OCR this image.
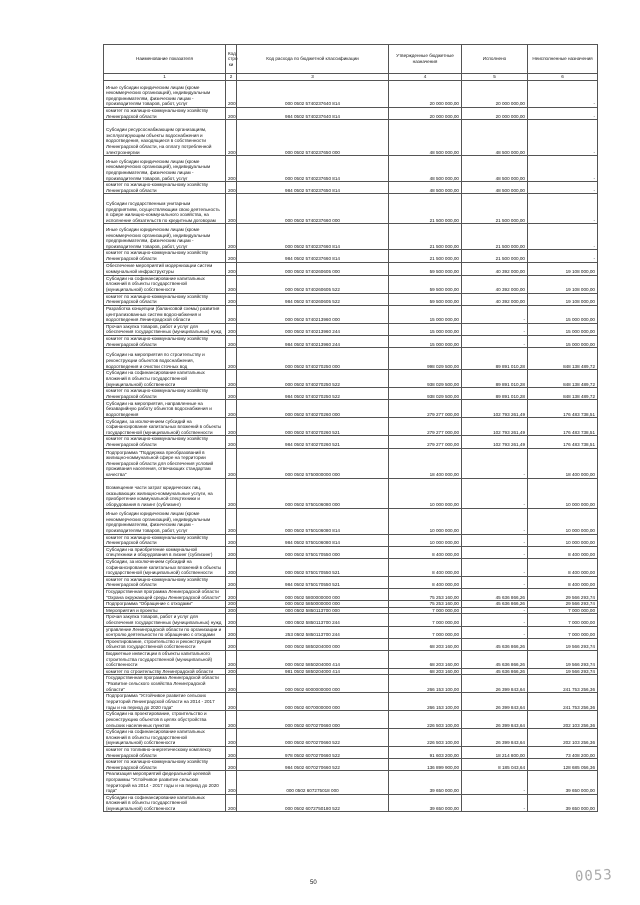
Наименование показателя	Код стро ки	Код расхода по бюджетной классификации	Утвержденные бюджетные назначения	Исполнено	Неисполненные назначения
1	2	3	4	5	6
Иные субсидии юридическим лицам (кроме некоммерческих организаций), индивидуальным предпринимателям, физическим лицам - производителям товаров, работ, услуг	200	000 0502 5740237640 814	20 000 000,00	20 000 000,00	-
комитет по жилищно-коммунальному хозяйству Ленинградской области	200	984 0502 5740237640 814	20 000 000,00	20 000 000,00	-
Субсидии ресурсоснабжающим организациям, эксплуатирующим объекты водоснабжения и водоотведения, находящиеся в собственности Ленинградской области, на оплату потребленной электроэнергии	200	000 0502 5740237650 000	48 500 000,00	48 500 000,00	-
Иные субсидии юридическим лицам (кроме некоммерческих организаций), индивидуальным предпринимателям, физическим лицам - производителям товаров, работ, услуг	200	000 0502 5740237650 814	48 500 000,00	48 500 000,00	-
комитет по жилищно-коммунальному хозяйству Ленинградской области	200	984 0502 5740237650 814	48 500 000,00	48 500 000,00	-
Субсидии государственным унитарным предприятиям, осуществляющим свою деятельность в сфере жилищно-коммунального хозяйства, на исполнение обязательств по кредитным договорам	200	000 0502 5740237660 000	21 500 000,00	21 500 000,00	-
Иные субсидии юридическим лицам (кроме некоммерческих организаций), индивидуальным предпринимателям, физическим лицам - производителям товаров, работ, услуг	200	000 0502 5740237660 814	21 500 000,00	21 500 000,00	-
комитет по жилищно-коммунальному хозяйству Ленинградской области	200	984 0502 5740237660 814	21 500 000,00	21 500 000,00	-
Обеспечение мероприятий модернизации систем коммунальной инфраструктуры	200	000 0502 5740260605 000	59 500 000,00	40 392 000,00	19 108 000,00
Субсидии на софинансирование капитальных вложений в объекты государственной (муниципальной) собственности	200	000 0502 5740260605 522	59 500 000,00	40 392 000,00	19 108 000,00
комитет по жилищно-коммунальному хозяйству Ленинградской области	200	984 0502 5740260605 522	59 500 000,00	40 392 000,00	19 108 000,00
Разработка концепции (балансовой схемы) развития централизованных систем водоснабжения и водоотведения Ленинградской области	200	000 0502 5740213960 000	15 000 000,00	-	15 000 000,00
Прочая закупка товаров, работ и услуг для обеспечения государственных (муниципальных) нужд	200	000 0502 5740213960 244	15 000 000,00	-	15 000 000,00
комитет по жилищно-коммунальному хозяйству Ленинградской области	200	984 0502 5740213960 244	15 000 000,00	-	15 000 000,00
Субсидии на мероприятия по строительству и реконструкции объектов водоснабжения, водоотведения и очистки сточных вод	200	000 0502 5740270250 000	998 029 500,00	89 891 010,28	848 138 489,72
Субсидии на софинансирование капитальных вложений в объекты государственной (муниципальной) собственности	200	000 0502 5740270250 522	938 029 500,00	89 891 010,28	848 138 489,72
комитет по жилищно-коммунальному хозяйству Ленинградской области	200	984 0502 5740270250 522	938 029 500,00	89 891 010,28	848 138 489,72
Субсидии на мероприятия, направленные на безаварийную работу объектов водоснабжения и водоотведения	200	000 0502 5740270260 000	279 277 000,00	102 793 261,49	176 483 738,51
Субсидии, за исключением субсидий на софинансирование капитальных вложений в объекты государственной (муниципальной) собственности	200	000 0502 5740270260 521	279 277 000,00	102 793 261,49	176 483 738,51
комитет по жилищно-коммунальному хозяйству Ленинградской области	200	984 0502 5740270260 521	279 277 000,00	102 793 261,49	176 483 738,51
Подпрограмма "Поддержка преобразований в жилищно-коммунальной сфере на территории Ленинградской области для обеспечения условий проживания населения, отвечающих стандартам качества"	200	000 0502 5750000000 000	18 400 000,00	-	18 400 000,00
Возмещение части затрат юридических лиц, оказывающих жилищно-коммунальные услуги, на приобретение коммунальной спецтехники и оборудования в лизинг (сублизинг)	200	000 0502 5750106080 000	10 000 000,00	-	10 000 000,00
Иные субсидии юридическим лицам (кроме некоммерческих организаций), индивидуальным предпринимателям, физическим лицам - производителям товаров, работ, услуг	200	000 0502 5750106080 814	10 000 000,00	-	10 000 000,00
комитет по жилищно-коммунальному хозяйству Ленинградской области	200	984 0502 5750106080 814	10 000 000,00	-	10 000 000,00
Субсидии на приобретение коммунальной спецтехники и оборудования в лизинг (сублизинг)	200	000 0502 5750170550 000	8 400 000,00	-	8 400 000,00
Субсидии, за исключением субсидий на софинансирование капитальных вложений в объекты государственной (муниципальной) собственности	200	000 0502 5750170550 521	8 400 000,00	-	8 400 000,00
комитет по жилищно-коммунальному хозяйству Ленинградской области	200	984 0502 5750170550 521	8 400 000,00	-	8 400 000,00
Государственная программа Ленинградской области "Охрана окружающей среды Ленинградской области"	200	000 0502 5800000000 000	75 253 160,00	45 636 866,26	29 566 293,74
Подпрограмма "Обращение с отходами"	200	000 0502 5850000000 000	75 253 160,00	45 636 866,26	29 566 293,74
Мероприятия и проекты	200	000 0502 5850113700 000	7 000 000,00	-	7 000 000,00
Прочая закупка товаров, работ и услуг для обеспечения государственных (муниципальных) нужд	200	000 0502 5850113700 244	7 000 000,00	-	7 000 000,00
управление Ленинградской области по организации и контролю деятельности по обращению с отходами	200	253 0502 5850113700 244	7 000 000,00	-	7 000 000,00
Проектирование, строительство и реконструкция объектов государственной собственности	200	000 0502 5850204000 000	68 203 160,00	45 636 866,26	19 566 293,74
Бюджетные инвестиции в объекты капитального строительства государственной (муниципальной) собственности	200	000 0502 5850204000 414	68 203 160,00	45 636 866,26	19 566 293,74
комитет по строительству Ленинградской области	200	981 0502 5850204000 414	68 203 160,00	45 636 866,26	19 566 293,74
Государственная программа Ленинградской области "Развитие сельского хозяйства Ленинградской области"	200	000 0502 6000000000 000	266 153 100,00	26 399 843,64	241 753 256,36
Подпрограмма "Устойчивое развитие сельских территорий Ленинградской области на 2014 - 2017 годы и на период до 2020 года"	200	000 0502 6070000000 000	266 153 100,00	26 399 843,64	241 753 256,36
Субсидии на проектирование, строительство и реконструкцию объектов в целях обустройства сельских населенных пунктов	200	000 0502 6070270660 000	226 503 100,00	26 399 843,64	202 103 256,36
Субсидии на софинансирование капитальных вложений в объекты государственной (муниципальной) собственности	200	000 0502 6070270660 522	226 503 100,00	26 399 843,64	202 103 256,36
комитет по топливно-энергетическому комплексу Ленинградской области	200	978 0502 6070270660 522	91 603 200,00	18 214 800,00	73 408 200,00
комитет по жилищно-коммунальному хозяйству Ленинградской области	200	984 0502 6070270660 522	136 899 900,00	8 185 043,64	128 685 056,36
Реализация мероприятий федеральной целевой программы "Устойчивое развитие сельских территорий на 2014 - 2017 годы и на период до 2020 года"	200	000 0502 607275018 000	39 650 000,00	-	39 650 000,00
Субсидии на софинансирование капитальных вложений в объекты государственной (муниципальной) собственности	200	000 0502 6072750180 522	39 650 000,00	-	39 650 000,00
50	0053
